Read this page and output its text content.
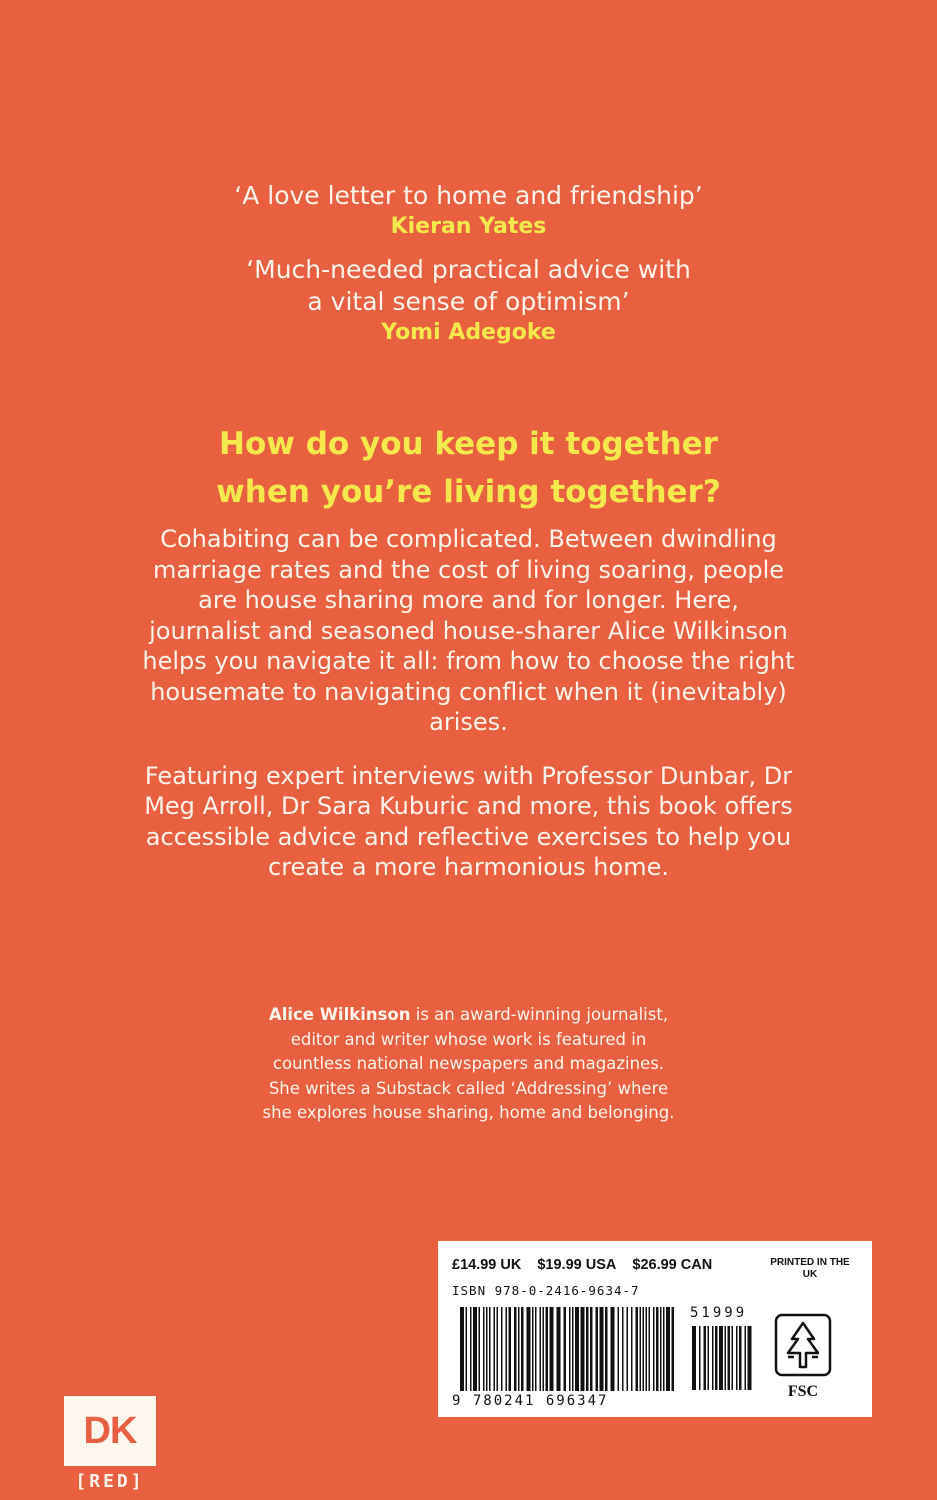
‘A love letter to home and friendship’
Kieran Yates
‘Much-needed practical advice with
a vital sense of optimism’
Yomi Adegoke
How do you keep it together
when you’re living together?

Cohabiting can be complicated. Between dwindling marriage rates and the cost of living soaring, people are house sharing more and for longer. Here, journalist and seasoned house-sharer Alice Wilkinson helps you navigate it all: from how to choose the right housemate to navigating conflict when it (inevitably) arises.

Featuring expert interviews with Professor Dunbar, Dr Meg Arroll, Dr Sara Kuburic and more, this book offers accessible advice and reflective exercises to help you create a more harmonious home.

Alice Wilkinson is an award-winning journalist, editor and writer whose work is featured in countless national newspapers and magazines. She writes a Substack called ‘Addressing’ where she explores house sharing, home and belonging.
DK
[RED]
£14.99 UK $19.99 USA $26.99 CAN	PRINTED IN THE UK
ISBN 978-0-2416-9634-7
9 780241 696347
51999
FSC
